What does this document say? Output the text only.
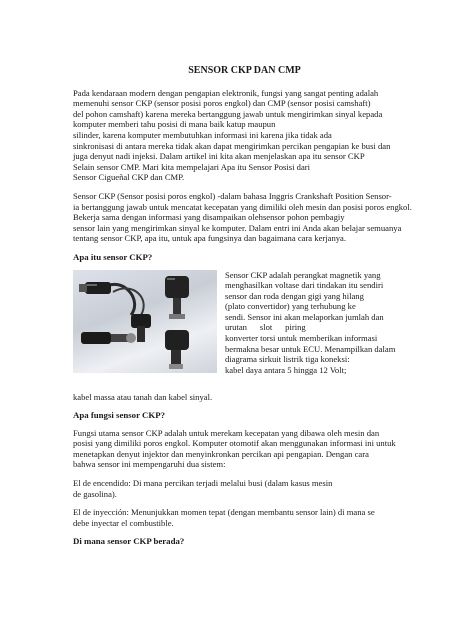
SENSOR CKP DAN CMP
Pada kendaraan modern dengan pengapian elektronik, fungsi yang sangat penting adalah
memenuhi sensor CKP (sensor posisi poros engkol) dan CMP (sensor posisi camshaft)
del pohon camshaft) karena mereka bertanggung jawab untuk mengirimkan sinyal kepada
komputer memberi tahu posisi di mana baik katup maupun
silinder, karena komputer membutuhkan informasi ini karena jika tidak ada
sinkronisasi di antara mereka tidak akan dapat mengirimkan percikan pengapian ke busi dan
juga denyut nadi injeksi. Dalam artikel ini kita akan menjelaskan apa itu sensor CKP
Selain sensor CMP. Mari kita mempelajari Apa itu Sensor Posisi dari
Sensor Cigueñal CKP dan CMP.
Sensor CKP (Sensor posisi poros engkol) -dalam bahasa Inggris Crankshaft Position Sensor-
ia bertanggung jawab untuk mencatat kecepatan yang dimiliki oleh mesin dan posisi poros engkol.
Bekerja sama dengan informasi yang disampaikan olehsensor pohon pembagiy
sensor lain yang mengirimkan sinyal ke komputer. Dalam entri ini Anda akan belajar semuanya
tentang sensor CKP, apa itu, untuk apa fungsinya dan bagaimana cara kerjanya.
Apa itu sensor CKP?
Sensor CKP adalah perangkat magnetik yang
menghasilkan voltase dari tindakan itu sendiri
sensor dan roda dengan gigi yang hilang
(plato convertidor) yang terhubung ke
sendi. Sensor ini akan melaporkan jumlah dan
urutan      slot      piring
konverter torsi untuk memberikan informasi
bermakna besar untuk ECU. Menampilkan dalam
diagrama sirkuit listrik tiga koneksi:
kabel daya antara 5 hingga 12 Volt;
kabel massa atau tanah dan kabel sinyal.
Apa fungsi sensor CKP?
Fungsi utama sensor CKP adalah untuk merekam kecepatan yang dibawa oleh mesin dan
posisi yang dimiliki poros engkol. Komputer otomotif akan menggunakan informasi ini untuk
menetapkan denyut injektor dan menyinkronkan percikan api pengapian. Dengan cara
bahwa sensor ini mempengaruhi dua sistem:
El de encendido: Di mana percikan terjadi melalui busi (dalam kasus mesin
de gasolina).
El de inyección: Menunjukkan momen tepat (dengan membantu sensor lain) di mana se
debe inyectar el combustible.
Di mana sensor CKP berada?
